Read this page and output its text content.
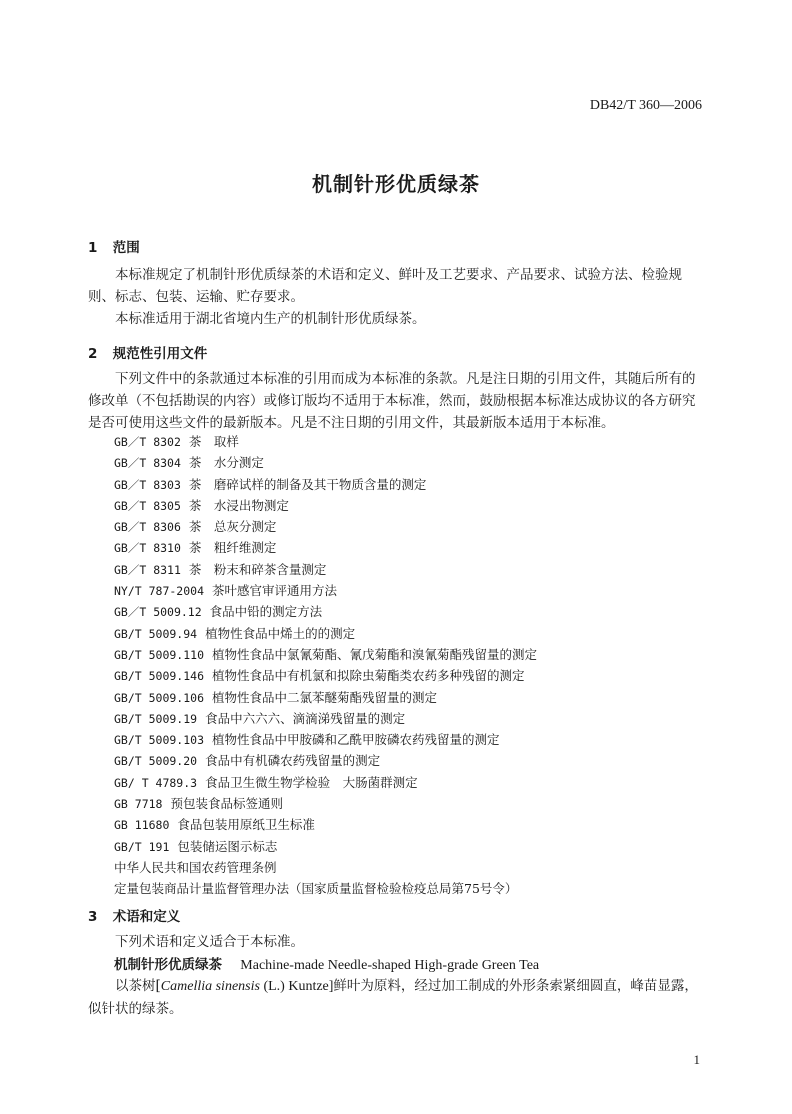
DB42/T 360—2006
机制针形优质绿茶
1 范围
本标准规定了机制针形优质绿茶的术语和定义、鲜叶及工艺要求、产品要求、试验方法、检验规则、标志、包装、运输、贮存要求。
本标准适用于湖北省境内生产的机制针形优质绿茶。
2 规范性引用文件
下列文件中的条款通过本标准的引用而成为本标准的条款。凡是注日期的引用文件，其随后所有的修改单（不包括勘误的内容）或修订版均不适用于本标准，然而，鼓励根据本标准达成协议的各方研究是否可使用这些文件的最新版本。凡是不注日期的引用文件，其最新版本适用于本标准。
GB／T 8302 茶　取样
GB／T 8304 茶　水分测定
GB／T 8303 茶　磨碎试样的制备及其干物质含量的测定
GB／T 8305 茶　水浸出物测定
GB／T 8306 茶　总灰分测定
GB／T 8310 茶　粗纤维测定
GB／T 8311 茶　粉末和碎茶含量测定
NY/T 787-2004 茶叶感官审评通用方法
GB／T 5009.12 食品中铅的测定方法
GB/T 5009.94 植物性食品中烯土的的测定
GB/T 5009.110 植物性食品中氯氰菊酯、氰戊菊酯和溴氰菊酯残留量的测定
GB/T 5009.146 植物性食品中有机氯和拟除虫菊酯类农药多种残留的测定
GB/T 5009.106 植物性食品中二氯苯醚菊酯残留量的测定
GB/T 5009.19 食品中六六六、滴滴涕残留量的测定
GB/T 5009.103 植物性食品中甲胺磷和乙酰甲胺磷农药残留量的测定
GB/T 5009.20 食品中有机磷农药残留量的测定
GB/ T 4789.3 食品卫生微生物学检验　大肠菌群测定
GB 7718 预包装食品标签通则
GB 11680 食品包装用原纸卫生标准
GB/T 191 包装储运图示标志
中华人民共和国农药管理条例
定量包装商品计量监督管理办法（国家质量监督检验检疫总局第75号令）
3 术语和定义
下列术语和定义适合于本标准。
机制针形优质绿茶 Machine-made Needle-shaped High-grade Green Tea
以茶树[Camellia sinensis (L.) Kuntze]鲜叶为原料，经过加工制成的外形条索紧细圆直，峰苗显露，似针状的绿茶。
1
